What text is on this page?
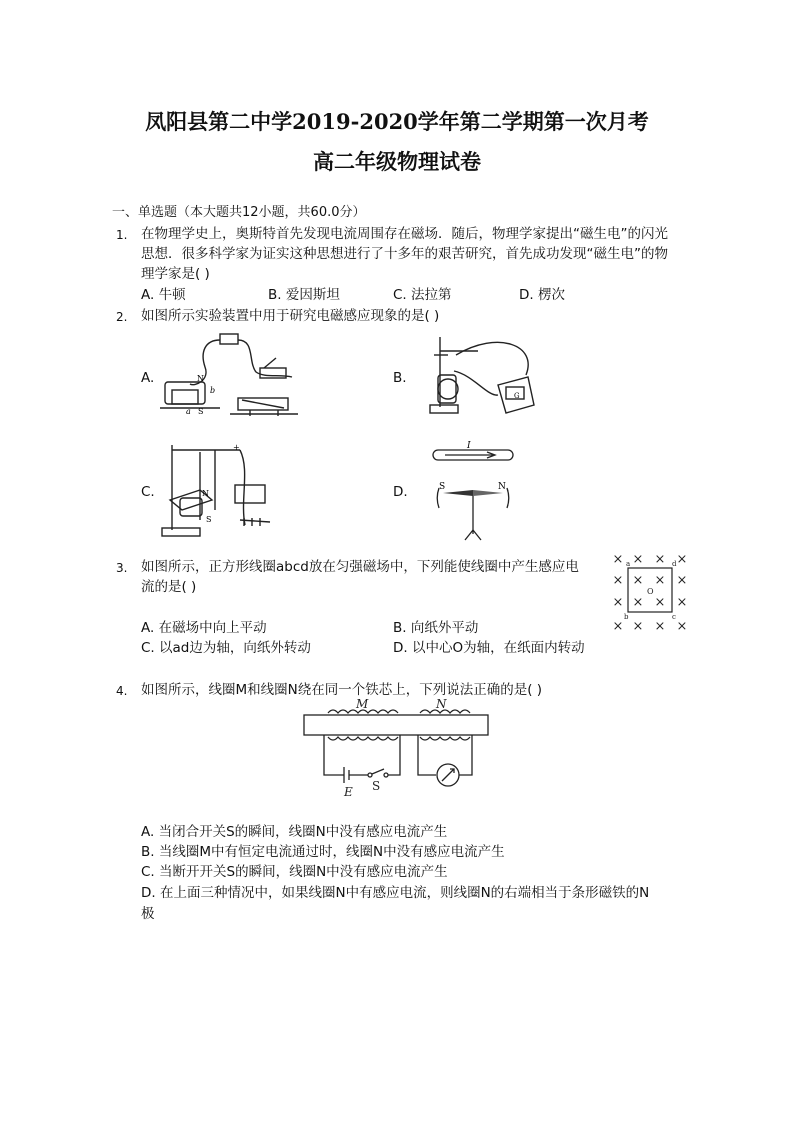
凤阳县第二中学2019-2020学年第二学期第一次月考
高二年级物理试卷
一、单选题（本大题共12小题，共60.0分）
1. 在物理学史上，奥斯特首先发现电流周围存在磁场．随后，物理学家提出“磁生电”的闪光
思想．很多科学家为证实这种思想进行了十多年的艰苦研究，首先成功发现“磁生电”的物
理学家是( )
A. 牛顿	B. 爱因斯坦	C. 法拉第	D. 楞次
2. 如图所示实验装置中用于研究电磁感应现象的是( )
A.	B.
C.	D.
N
b
a S
G
N
S
+	I
S	N
3. 如图所示，正方形线圈abcd放在匀强磁场中，下列能使线圈中产生感应电
流的是( )
× × × ×
× × × ×
× × × ×
× × × ×
a	d
b	c
O
A. 在磁场中向上平动	B. 向纸外平动
C. 以ad边为轴，向纸外转动	D. 以中心O为轴，在纸面内转动
4. 如图所示，线圈M和线圈N绕在同一个铁芯上，下列说法正确的是( )
M	N
E S
A. 当闭合开关S的瞬间，线圈N中没有感应电流产生
B. 当线圈M中有恒定电流通过时，线圈N中没有感应电流产生
C. 当断开开关S的瞬间，线圈N中没有感应电流产生
D. 在上面三种情况中，如果线圈N中有感应电流，则线圈N的右端相当于条形磁铁的N
极
